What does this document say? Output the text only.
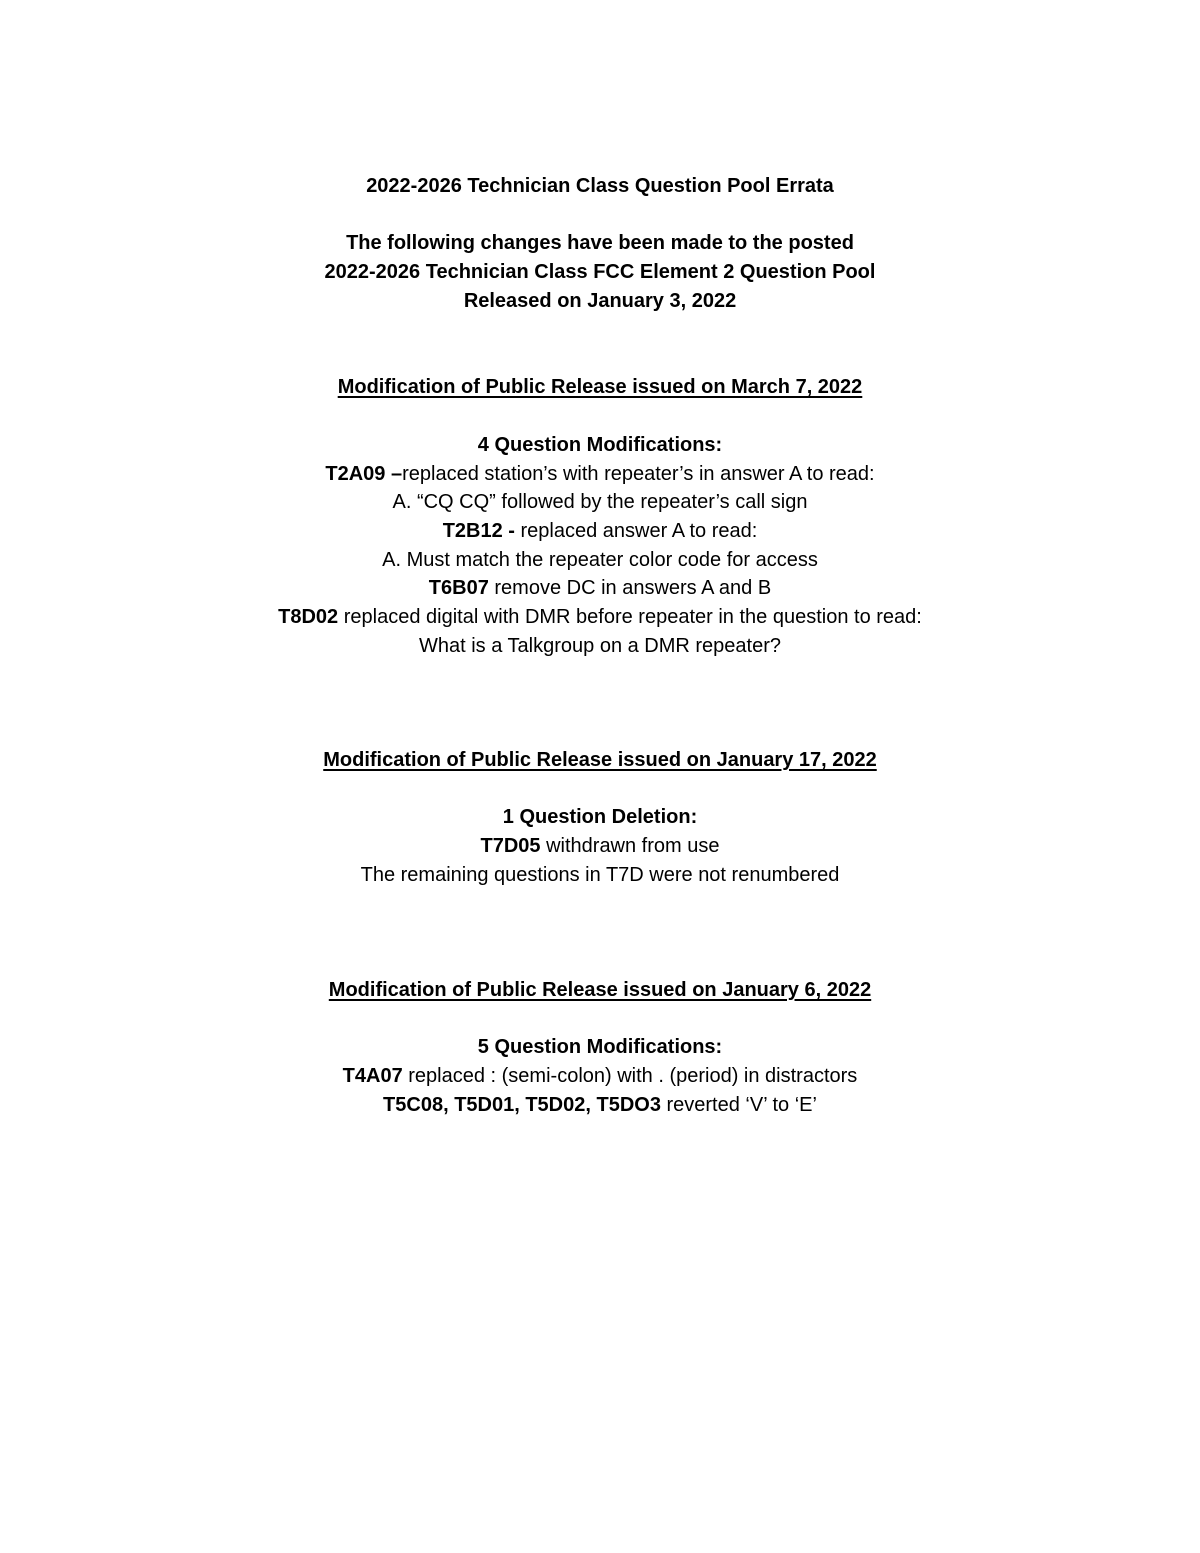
2022-2026 Technician Class Question Pool Errata
The following changes have been made to the posted
2022-2026 Technician Class FCC Element 2 Question Pool
Released on January 3, 2022
Modification of Public Release issued on March 7, 2022
4 Question Modifications:
T2A09 –replaced station’s with repeater’s in answer A to read:
A. “CQ CQ” followed by the repeater’s call sign
T2B12 - replaced answer A to read:
A. Must match the repeater color code for access
T6B07 remove DC in answers A and B
T8D02 replaced digital with DMR before repeater in the question to read:
What is a Talkgroup on a DMR repeater?
Modification of Public Release issued on January 17, 2022
1 Question Deletion:
T7D05 withdrawn from use
The remaining questions in T7D were not renumbered
Modification of Public Release issued on January 6, 2022
5 Question Modifications:
T4A07 replaced : (semi-colon) with . (period) in distractors
T5C08, T5D01, T5D02, T5DO3 reverted ‘V’ to ‘E’
